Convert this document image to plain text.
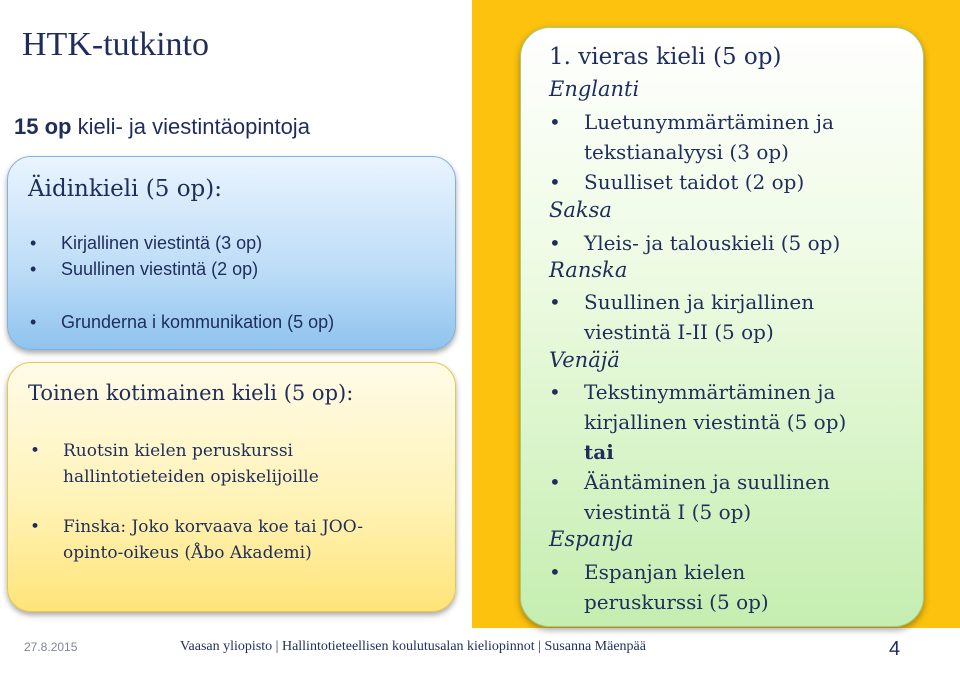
HTK-tutkinto
15 op kieli- ja viestintäopintoja
Äidinkieli (5 op):
• Kirjallinen viestintä (3 op)
• Suullinen viestintä (2 op)
• Grunderna i kommunikation (5 op)
Toinen kotimainen kieli (5 op):
• Ruotsin kielen peruskurssi
hallintotieteiden opiskelijoille
• Finska: Joko korvaava koe tai JOO-
opinto-oikeus (Åbo Akademi)
1. vieras kieli (5 op)
Englanti
• Luetunymmärtäminen ja
tekstianalyysi (3 op)
• Suulliset taidot (2 op)
Saksa
• Yleis- ja talouskieli (5 op)
Ranska
• Suullinen ja kirjallinen
viestintä I-II (5 op)
Venäjä
• Tekstinymmärtäminen ja
kirjallinen viestintä (5 op)
tai
• Ääntäminen ja suullinen
viestintä I (5 op)
Espanja
• Espanjan kielen
peruskurssi (5 op)
27.8.2015	Vaasan yliopisto | Hallintotieteellisen koulutusalan kieliopinnot | Susanna Mäenpää	4
